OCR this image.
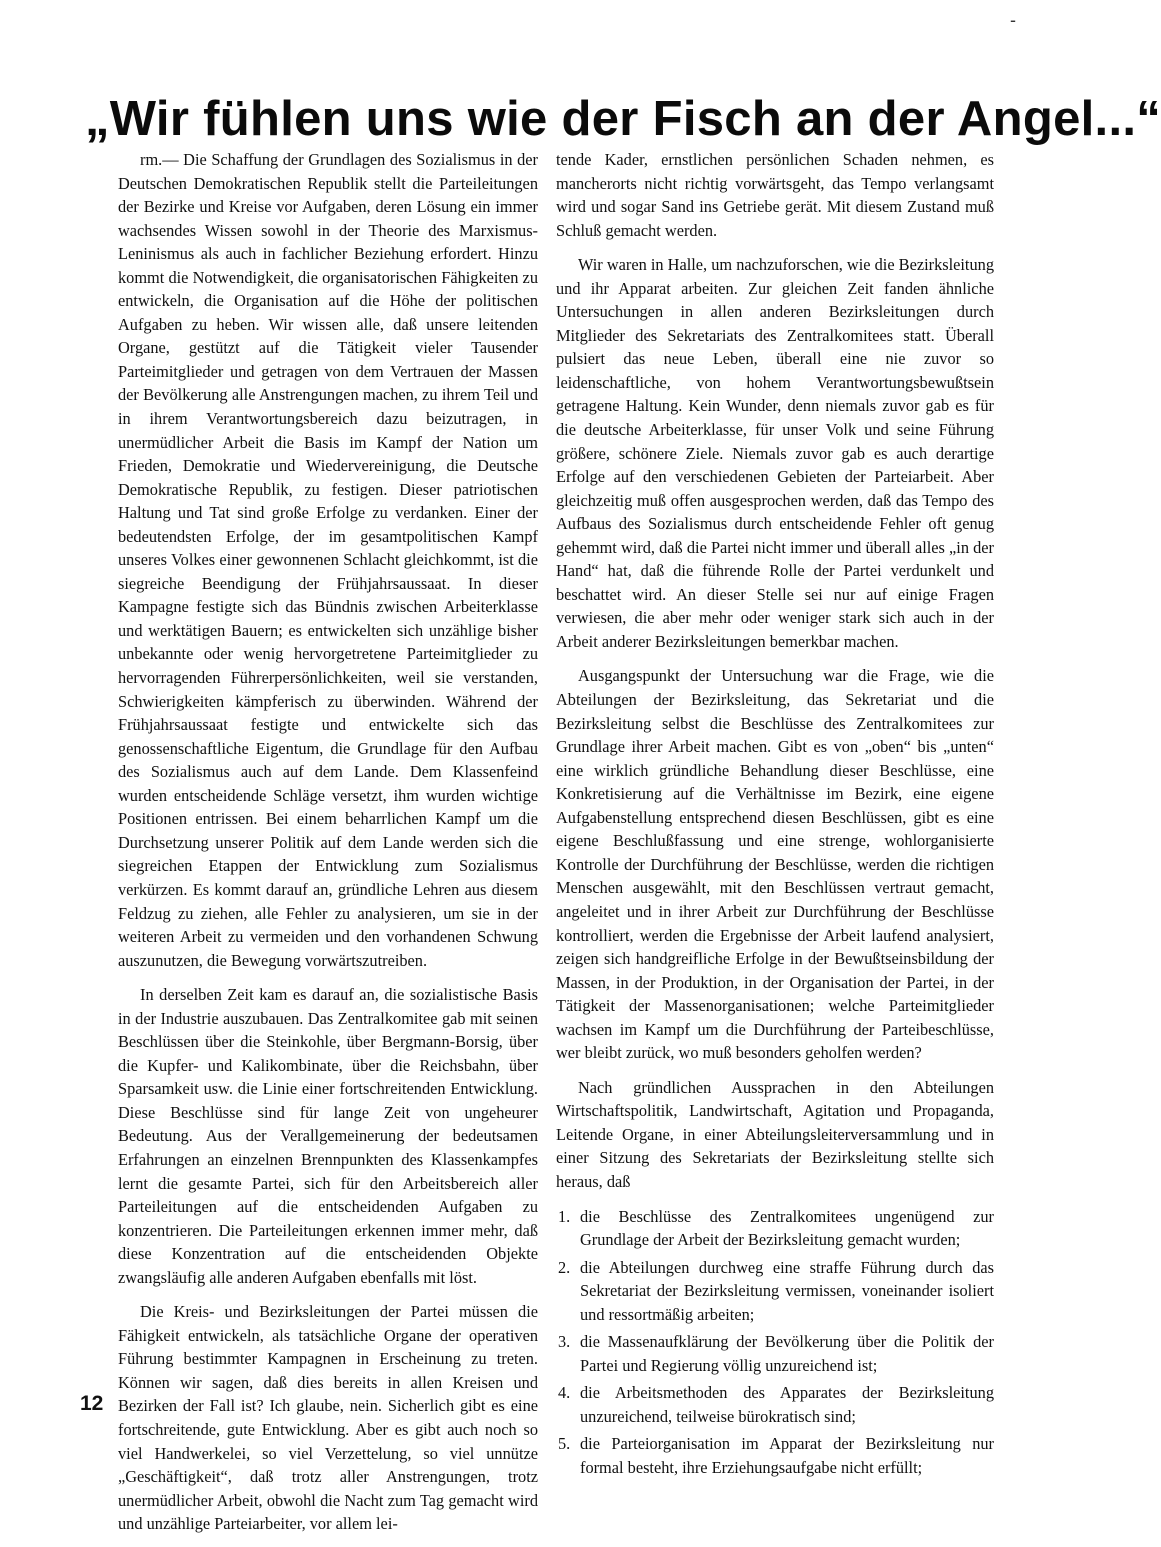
-
„Wir fühlen uns wie der Fisch an der Angel...“

rm.— Die Schaffung der Grundlagen des Sozialismus in der Deutschen Demokratischen Republik stellt die Parteileitungen der Bezirke und Kreise vor Aufgaben, deren Lösung ein immer wachsendes Wissen sowohl in der Theorie des Marxismus-Leninismus als auch in fachlicher Beziehung erfordert. Hinzu kommt die Notwendigkeit, die organisatorischen Fähigkeiten zu entwickeln, die Organisation auf die Höhe der politischen Aufgaben zu heben. Wir wissen alle, daß unsere leitenden Organe, gestützt auf die Tätigkeit vieler Tausender Parteimitglieder und getragen von dem Vertrauen der Massen der Bevölkerung alle Anstrengungen machen, zu ihrem Teil und in ihrem Verantwortungsbereich dazu beizutragen, in unermüdlicher Arbeit die Basis im Kampf der Nation um Frieden, Demokratie und Wiedervereinigung, die Deutsche Demokratische Republik, zu festigen. Dieser patriotischen Haltung und Tat sind große Erfolge zu verdanken. Einer der bedeutendsten Erfolge, der im gesamtpolitischen Kampf unseres Volkes einer gewonnenen Schlacht gleichkommt, ist die siegreiche Beendigung der Frühjahrsaussaat. In dieser Kampagne festigte sich das Bündnis zwischen Arbeiterklasse und werktätigen Bauern; es entwickelten sich unzählige bisher unbekannte oder wenig hervorgetretene Parteimitglieder zu hervorragenden Führerpersönlichkeiten, weil sie verstanden, Schwierigkeiten kämpferisch zu überwinden. Während der Frühjahrsaussaat festigte und entwickelte sich das genossenschaftliche Eigentum, die Grundlage für den Aufbau des Sozialismus auch auf dem Lande. Dem Klassenfeind wurden entscheidende Schläge versetzt, ihm wurden wichtige Positionen entrissen. Bei einem beharrlichen Kampf um die Durchsetzung unserer Politik auf dem Lande werden sich die siegreichen Etappen der Entwicklung zum Sozialismus verkürzen. Es kommt darauf an, gründliche Lehren aus diesem Feldzug zu ziehen, alle Fehler zu analysieren, um sie in der weiteren Arbeit zu vermeiden und den vorhandenen Schwung auszunutzen, die Bewegung vorwärtszutreiben.

In derselben Zeit kam es darauf an, die sozialistische Basis in der Industrie auszubauen. Das Zentralkomitee gab mit seinen Beschlüssen über die Steinkohle, über Bergmann-Borsig, über die Kupfer- und Kalikombinate, über die Reichsbahn, über Sparsamkeit usw. die Linie einer fortschreitenden Entwicklung. Diese Beschlüsse sind für lange Zeit von ungeheurer Bedeutung. Aus der Verallgemeinerung der bedeutsamen Erfahrungen an einzelnen Brennpunkten des Klassenkampfes lernt die gesamte Partei, sich für den Arbeitsbereich aller Parteileitungen auf die entscheidenden Aufgaben zu konzentrieren. Die Parteileitungen erkennen immer mehr, daß diese Konzentration auf die entscheidenden Objekte zwangsläufig alle anderen Aufgaben ebenfalls mit löst.

Die Kreis- und Bezirksleitungen der Partei müssen die Fähigkeit entwickeln, als tatsächliche Organe der operativen Führung bestimmter Kampagnen in Erscheinung zu treten. Können wir sagen, daß dies bereits in allen Kreisen und Bezirken der Fall ist? Ich glaube, nein. Sicherlich gibt es eine fortschreitende, gute Entwicklung. Aber es gibt auch noch so viel Handwerkelei, so viel Verzettelung, so viel unnütze „Geschäftigkeit“, daß trotz aller Anstrengungen, trotz unermüdlicher Arbeit, obwohl die Nacht zum Tag gemacht wird und unzählige Parteiarbeiter, vor allem lei-

tende Kader, ernstlichen persönlichen Schaden nehmen, es mancherorts nicht richtig vorwärtsgeht, das Tempo verlangsamt wird und sogar Sand ins Getriebe gerät. Mit diesem Zustand muß Schluß gemacht werden.

Wir waren in Halle, um nachzuforschen, wie die Bezirksleitung und ihr Apparat arbeiten. Zur gleichen Zeit fanden ähnliche Untersuchungen in allen anderen Bezirksleitungen durch Mitglieder des Sekretariats des Zentralkomitees statt. Überall pulsiert das neue Leben, überall eine nie zuvor so leidenschaftliche, von hohem Verantwortungsbewußtsein getragene Haltung. Kein Wunder, denn niemals zuvor gab es für die deutsche Arbeiterklasse, für unser Volk und seine Führung größere, schönere Ziele. Niemals zuvor gab es auch derartige Erfolge auf den verschiedenen Gebieten der Parteiarbeit. Aber gleichzeitig muß offen ausgesprochen werden, daß das Tempo des Aufbaus des Sozialismus durch entscheidende Fehler oft genug gehemmt wird, daß die Partei nicht immer und überall alles „in der Hand“ hat, daß die führende Rolle der Partei verdunkelt und beschattet wird. An dieser Stelle sei nur auf einige Fragen verwiesen, die aber mehr oder weniger stark sich auch in der Arbeit anderer Bezirksleitungen bemerkbar machen.

Ausgangspunkt der Untersuchung war die Frage, wie die Abteilungen der Bezirksleitung, das Sekretariat und die Bezirksleitung selbst die Beschlüsse des Zentralkomitees zur Grundlage ihrer Arbeit machen. Gibt es von „oben“ bis „unten“ eine wirklich gründliche Behandlung dieser Beschlüsse, eine Konkretisierung auf die Verhältnisse im Bezirk, eine eigene Aufgabenstellung entsprechend diesen Beschlüssen, gibt es eine eigene Beschlußfassung und eine strenge, wohlorganisierte Kontrolle der Durchführung der Beschlüsse, werden die richtigen Menschen ausgewählt, mit den Beschlüssen vertraut gemacht, angeleitet und in ihrer Arbeit zur Durchführung der Beschlüsse kontrolliert, werden die Ergebnisse der Arbeit laufend analysiert, zeigen sich handgreifliche Erfolge in der Bewußtseinsbildung der Massen, in der Produktion, in der Organisation der Partei, in der Tätigkeit der Massenorganisationen; welche Parteimitglieder wachsen im Kampf um die Durchführung der Parteibeschlüsse, wer bleibt zurück, wo muß besonders geholfen werden?

Nach gründlichen Aussprachen in den Abteilungen Wirtschaftspolitik, Landwirtschaft, Agitation und Propaganda, Leitende Organe, in einer Abteilungsleiterversammlung und in einer Sitzung des Sekretariats der Bezirksleitung stellte sich heraus, daß

1. die Beschlüsse des Zentralkomitees ungenügend zur Grundlage der Arbeit der Bezirksleitung gemacht wurden;
2. die Abteilungen durchweg eine straffe Führung durch das Sekretariat der Bezirksleitung vermissen, voneinander isoliert und ressortmäßig arbeiten;
3. die Massenaufklärung der Bevölkerung über die Politik der Partei und Regierung völlig unzureichend ist;
4. die Arbeitsmethoden des Apparates der Bezirksleitung unzureichend, teilweise bürokratisch sind;
5. die Parteiorganisation im Apparat der Bezirksleitung nur formal besteht, ihre Erziehungsaufgabe nicht erfüllt;
12
